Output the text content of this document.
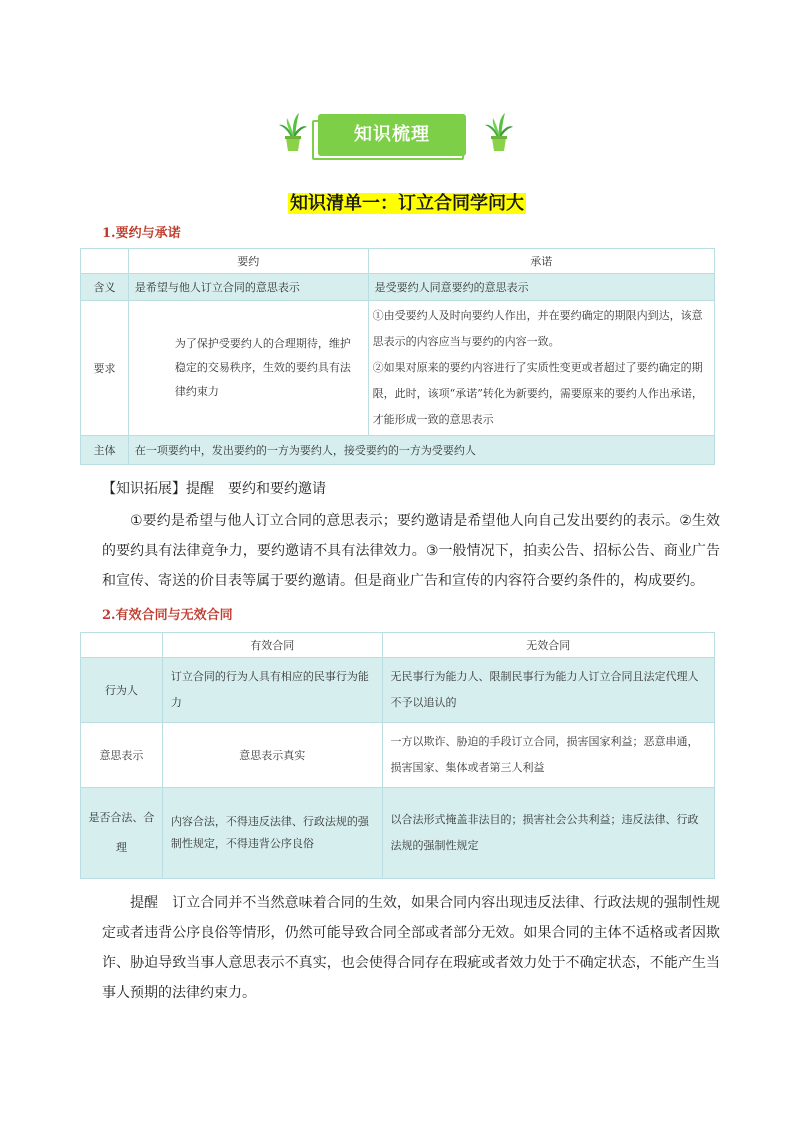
知识梳理
知识清单一：订立合同学问大
1.要约与承诺
	要约	承诺
含义	是希望与他人订立合同的意思表示	是受要约人同意要约的意思表示
要求	为了保护受要约人的合理期待，维护稳定的交易秩序，生效的要约具有法律约束力	①由受要约人及时向要约人作出，并在要约确定的期限内到达，该意思表示的内容应当与要约的内容一致。
②如果对原来的要约内容进行了实质性变更或者超过了要约确定的期限，此时，该项“承诺”转化为新要约，需要原来的要约人作出承诺，才能形成一致的意思表示

主体	在一项要约中，发出要约的一方为要约人，接受要约的一方为受要约人	
【知识拓展】提醒　要约和要约邀请
①要约是希望与他人订立合同的意思表示；要约邀请是希望他人向自己发出要约的表示。②生效的要约具有法律竟争力，要约邀请不具有法律效力。③一般情况下，拍卖公告、招标公告、商业广告和宣传、寄送的价目表等属于要约邀请。但是商业广告和宣传的内容符合要约条件的，构成要约。
2.有效合同与无效合同
	有效合同	无效合同
行为人	订立合同的行为人具有相应的民事行为能力	无民事行为能力人、限制民事行为能力人订立合同且法定代理人不予以追认的
意思表示	意思表示真实	一方以欺诈、胁迫的手段订立合同，损害国家利益；恶意串通，损害国家、集体或者第三人利益
是否合法、合理	内容合法，不得违反法律、行政法规的强制性规定，不得违背公序良俗	以合法形式掩盖非法目的；损害社会公共利益；违反法律、行政法规的强制性规定
提醒　订立合同并不当然意味着合同的生效，如果合同内容出现违反法律、行政法规的强制性规定或者违背公序良俗等情形，仍然可能导致合同全部或者部分无效。如果合同的主体不适格或者因欺诈、胁迫导致当事人意思表示不真实，也会使得合同存在瑕疵或者效力处于不确定状态，不能产生当事人预期的法律约束力。
